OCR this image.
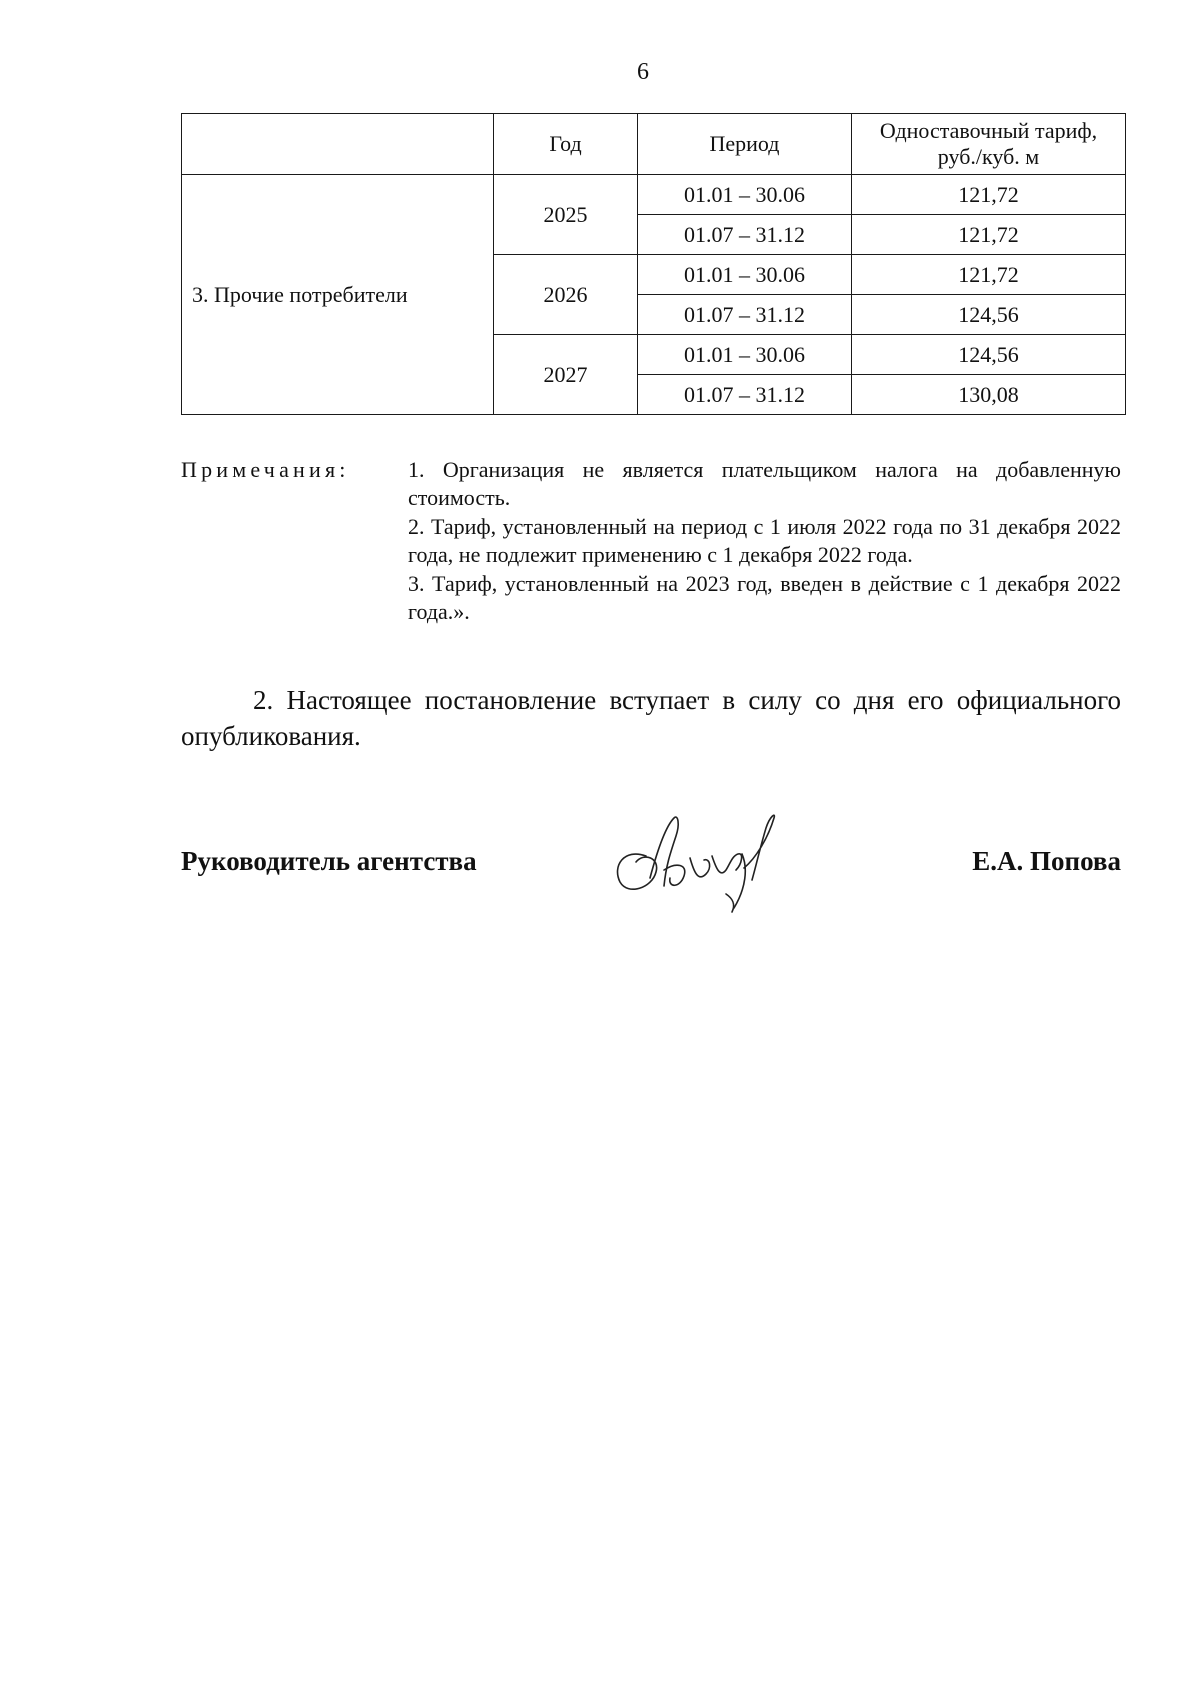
6
	Год	Период	Одноставочный тариф,
руб./куб. м

3. Прочие потребители	2025	01.01 – 30.06	121,72
		01.07 – 31.12	121,72
	2026	01.01 – 30.06	121,72
		01.07 – 31.12	124,56
	2027	01.01 – 30.06	124,56
		01.07 – 31.12	130,08
Примечания:	1. Организация не является плательщиком налога на добавленную стоимость.

2. Тариф, установленный на период с 1 июля 2022 года по 31 декабря 2022 года, не подлежит применению с 1 декабря 2022 года.

3. Тариф, установленный на 2023 год, введен в действие с 1 декабря 2022 года.».

2. Настоящее постановление вступает в силу со дня его официального опубликования.
Руководитель агентства	Е.А. Попова
